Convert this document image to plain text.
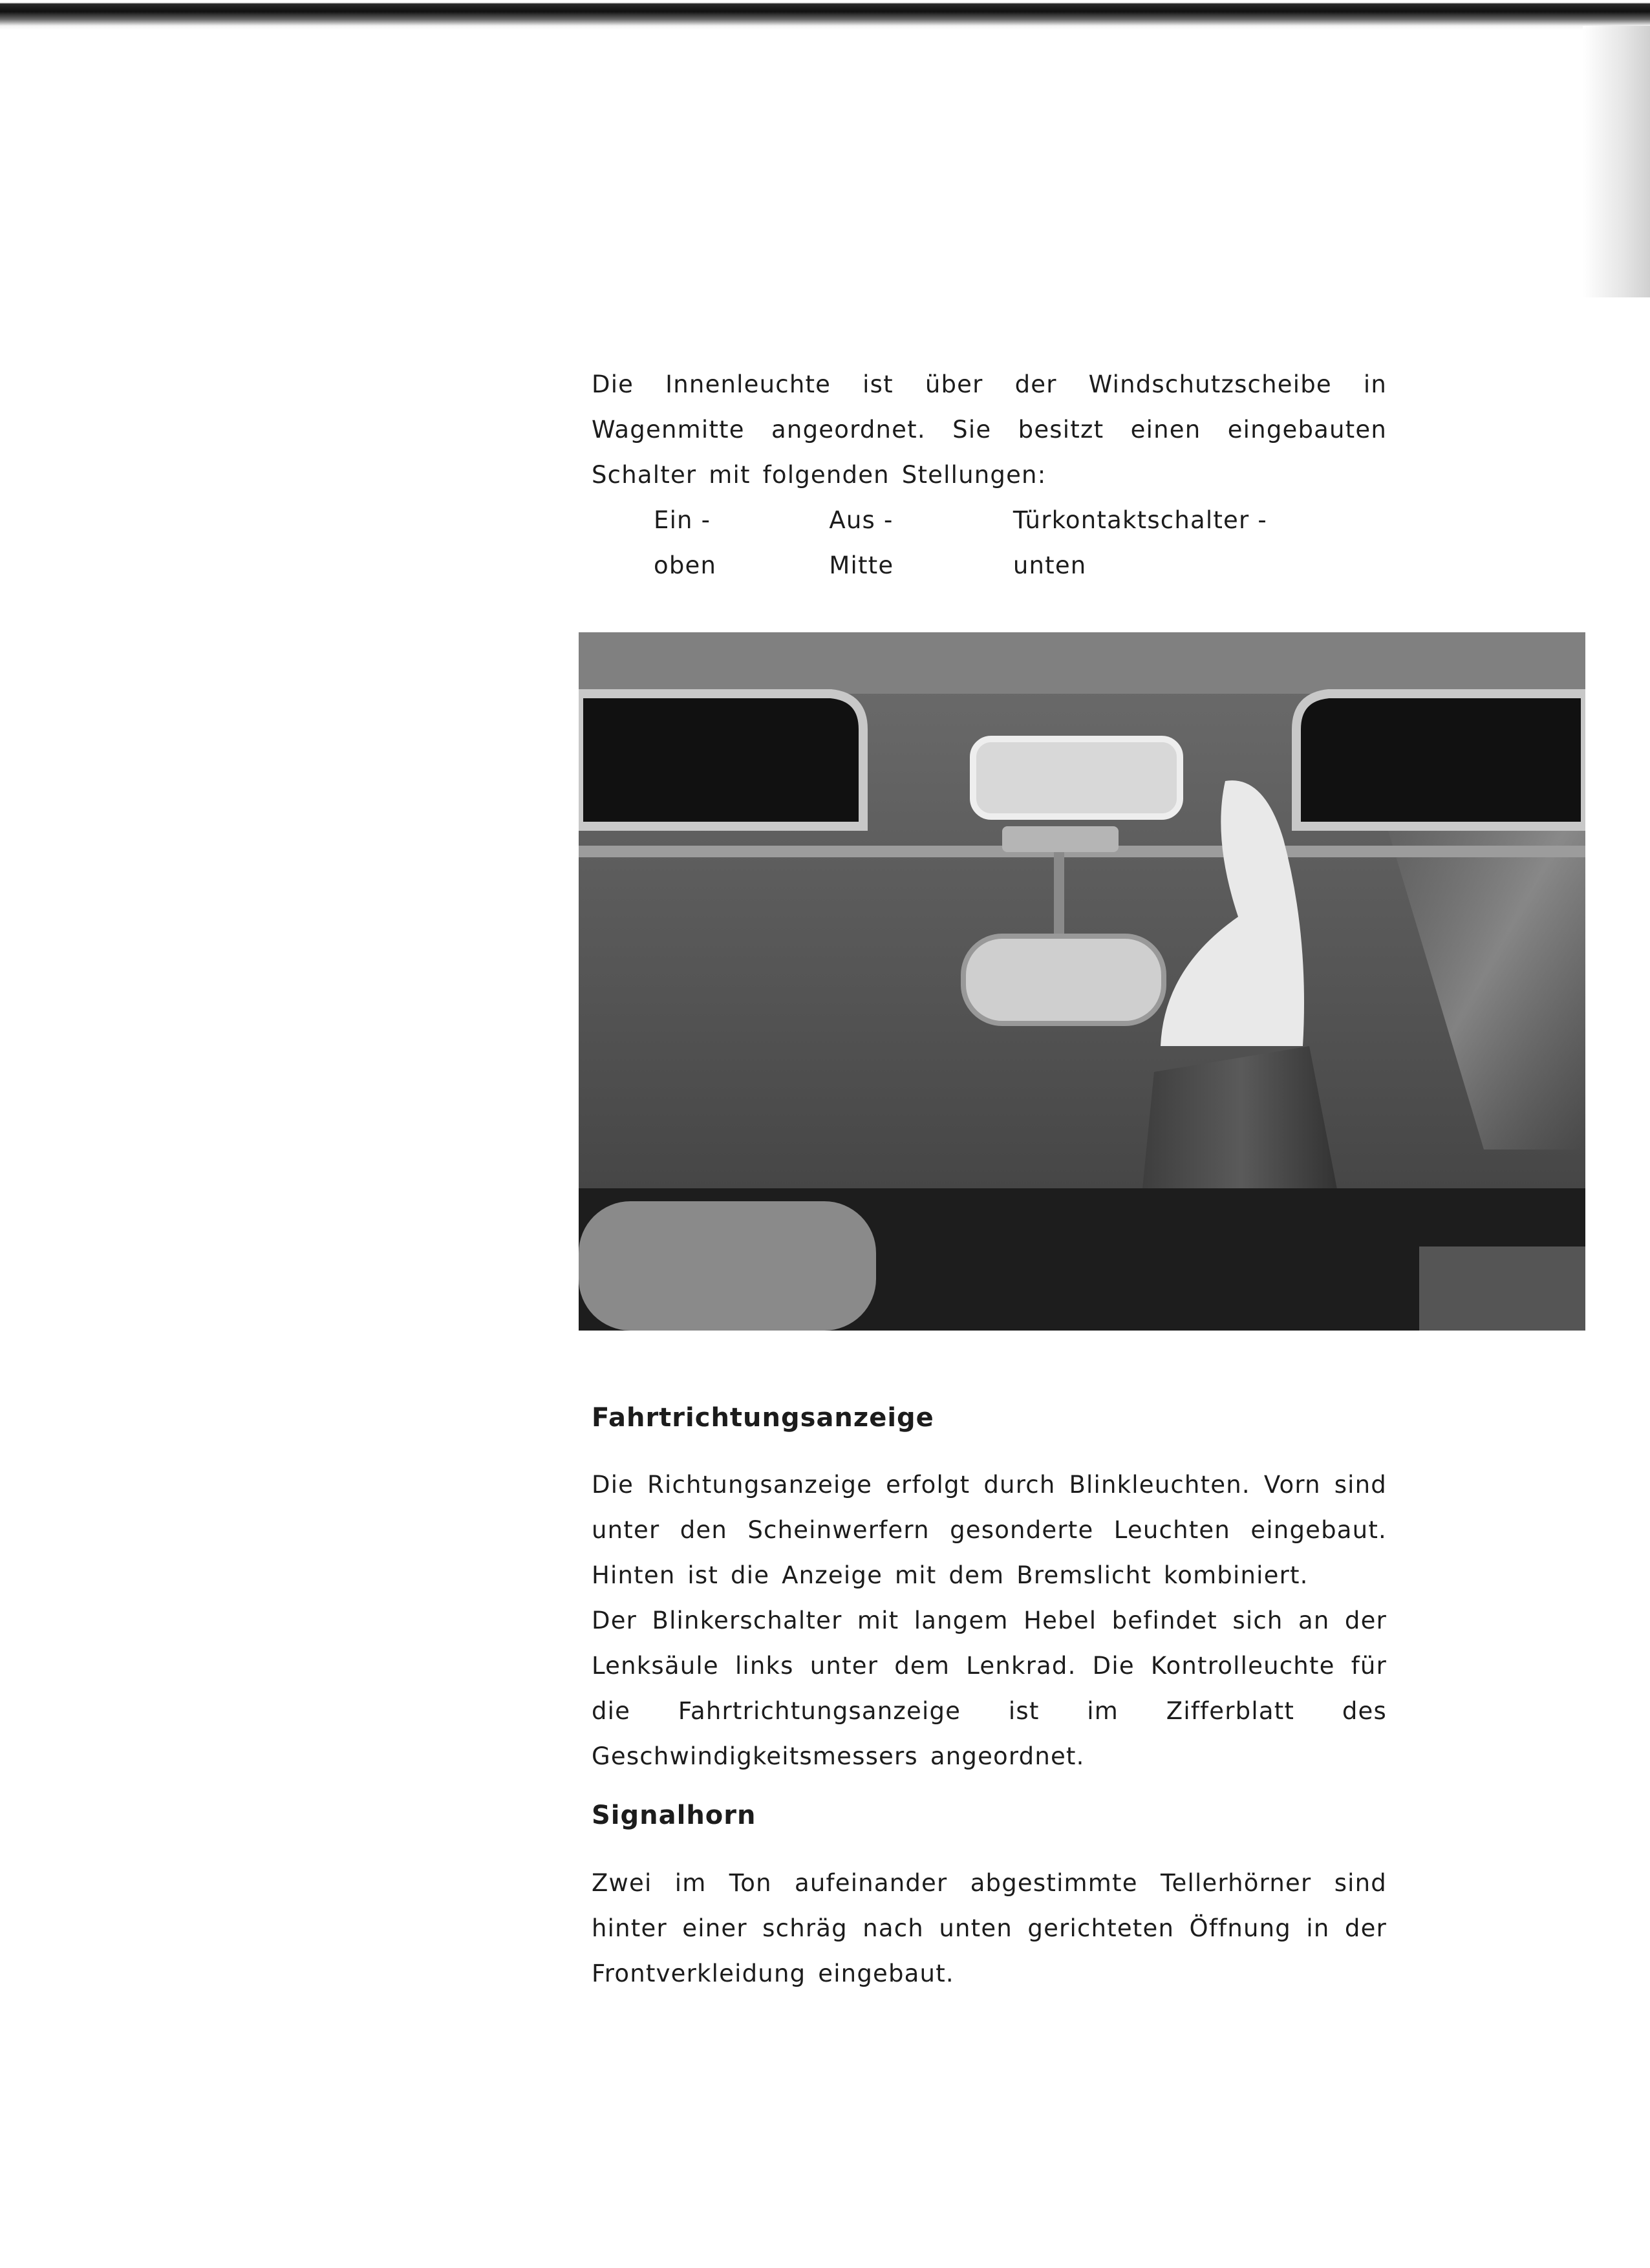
Die Innenleuchte ist über der Windschutzscheibe in Wagenmitte angeordnet. Sie besitzt einen eingebauten Schalter mit folgenden Stellungen:

Ein - oben
Aus - Mitte
Türkontaktschalter - unten
Fahrtrichtungsanzeige

Die Richtungsanzeige erfolgt durch Blinkleuchten. Vorn sind unter den Scheinwerfern gesonderte Leuchten eingebaut. Hinten ist die Anzeige mit dem Bremslicht kombiniert.

Der Blinkerschalter mit langem Hebel befindet sich an der Lenksäule links unter dem Lenkrad. Die Kontrolleuchte für die Fahrtrichtungsanzeige ist im Zifferblatt des Geschwindigkeitsmessers angeordnet.

Signalhorn

Zwei im Ton aufeinander abgestimmte Tellerhörner sind hinter einer schräg nach unten gerichteten Öffnung in der Frontverkleidung eingebaut.
